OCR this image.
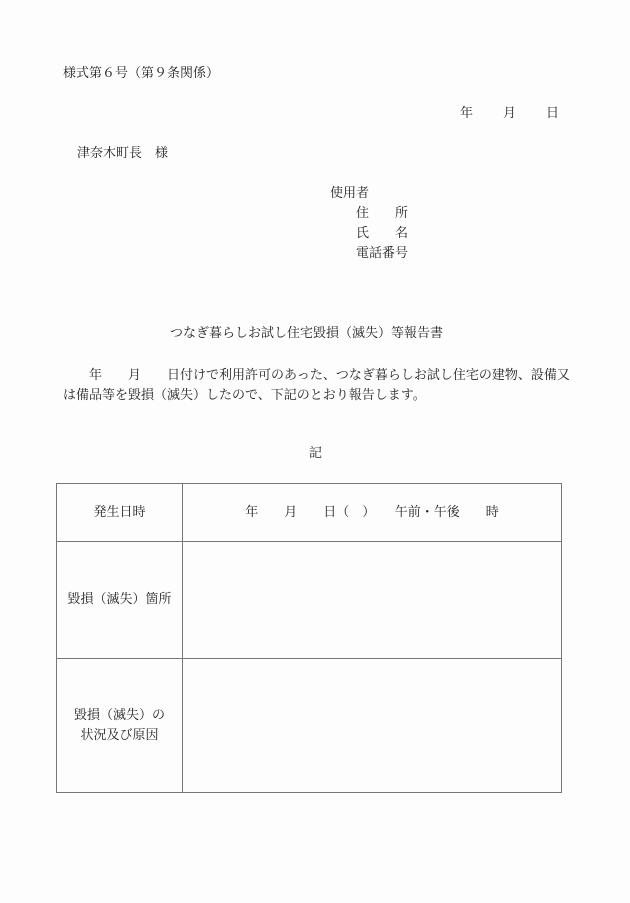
様式第６号（第９条関係）
年 月 日
津奈木町長　様
使用者
住　　所
氏　　名
電話番号
つなぎ暮らしお試し住宅毀損（滅失）等報告書
　　年　　月　　日付けで利用許可のあった、つなぎ暮らしお試し住宅の建物、設備又は備品等を毀損（滅失）したので、下記のとおり報告します。
記
発生日時	年　　月　　日（　）　　午前・午後　　時
毀損（滅失）箇所	

毀損（滅失）の
状況及び原因	
